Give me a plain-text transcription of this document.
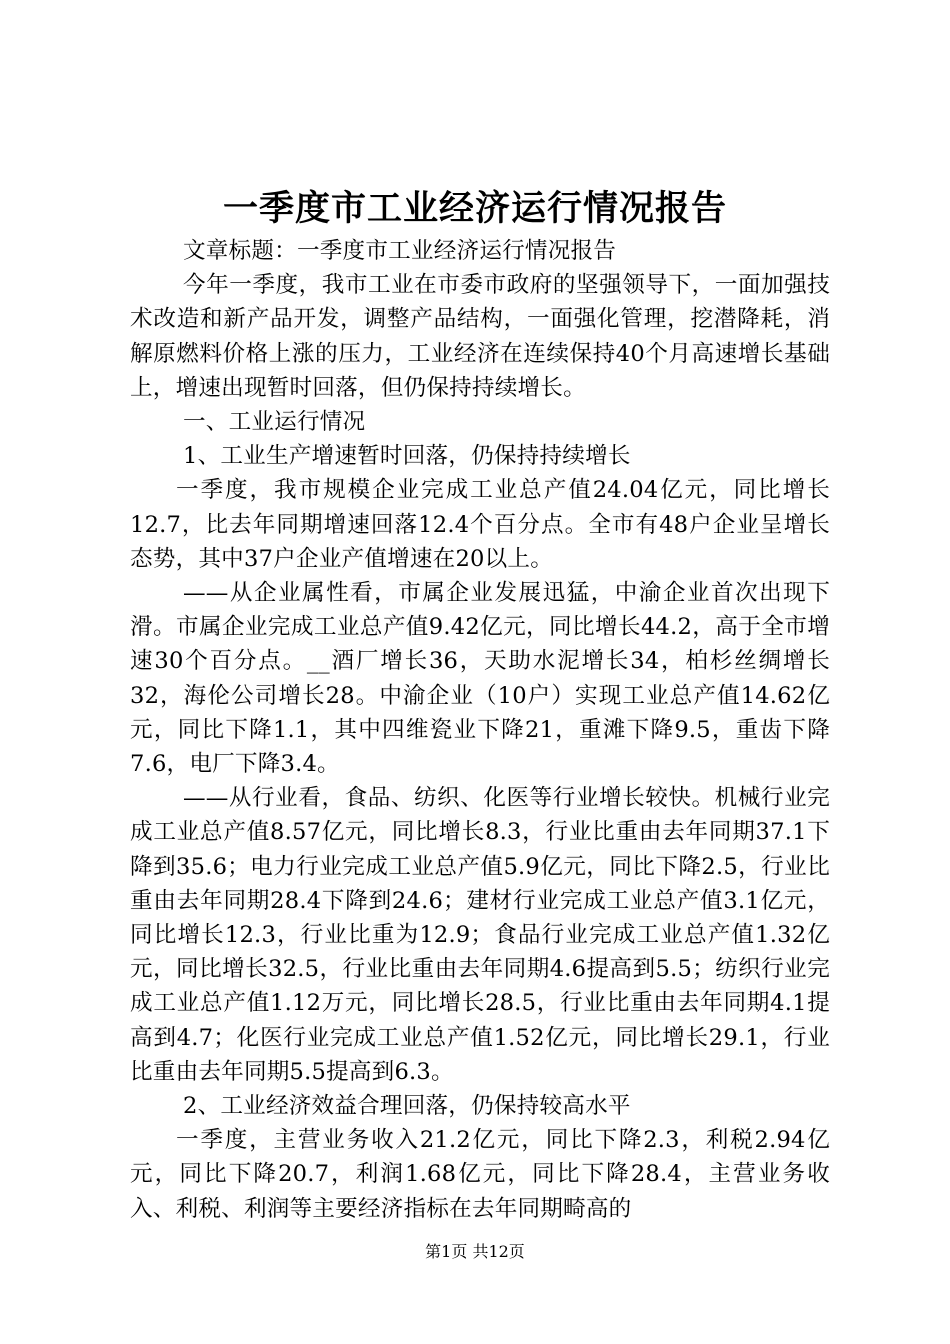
一季度市工业经济运行情况报告

文章标题：一季度市工业经济运行情况报告

今年一季度，我市工业在市委市政府的坚强领导下，一面加强技术改造和新产品开发，调整产品结构，一面强化管理，挖潜降耗，消解原燃料价格上涨的压力，工业经济在连续保持40个月高速增长基础上，增速出现暂时回落，但仍保持持续增长。

一、工业运行情况

1、工业生产增速暂时回落，仍保持持续增长

一季度，我市规模企业完成工业总产值24.04亿元，同比增长12.7，比去年同期增速回落12.4个百分点。全市有48户企业呈增长态势，其中37户企业产值增速在20以上。

——从企业属性看，市属企业发展迅猛，中渝企业首次出现下滑。市属企业完成工业总产值9.42亿元，同比增长44.2，高于全市增速30个百分点。__酒厂增长36，天助水泥增长34，柏杉丝绸增长32，海伦公司增长28。中渝企业（10户）实现工业总产值14.62亿元，同比下降1.1，其中四维瓷业下降21，重滩下降9.5，重齿下降7.6，电厂下降3.4。

——从行业看，食品、纺织、化医等行业增长较快。机械行业完成工业总产值8.57亿元，同比增长8.3，行业比重由去年同期37.1下降到35.6；电力行业完成工业总产值5.9亿元，同比下降2.5，行业比重由去年同期28.4下降到24.6；建材行业完成工业总产值3.1亿元，同比增长12.3，行业比重为12.9；食品行业完成工业总产值1.32亿元，同比增长32.5，行业比重由去年同期4.6提高到5.5；纺织行业完成工业总产值1.12万元，同比增长28.5，行业比重由去年同期4.1提高到4.7；化医行业完成工业总产值1.52亿元，同比增长29.1，行业比重由去年同期5.5提高到6.3。

2、工业经济效益合理回落，仍保持较高水平

一季度，主营业务收入21.2亿元，同比下降2.3，利税2.94亿元，同比下降20.7，利润1.68亿元，同比下降28.4，主营业务收入、利税、利润等主要经济指标在去年同期畸高的

第1页 共12页
